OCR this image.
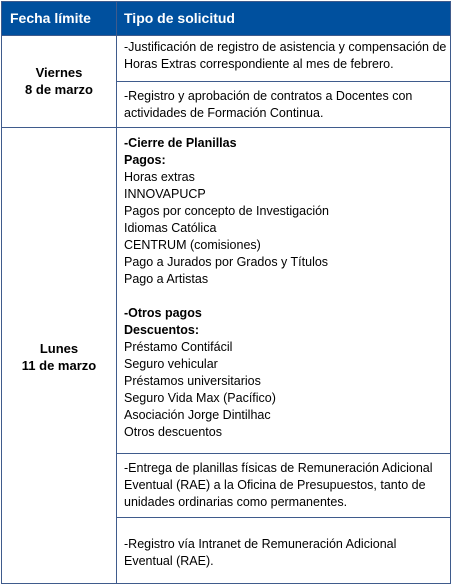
Fecha límite Tipo de solicitud
Viernes
8 de marzo
-Justificación de registro de asistencia y compensación de
Horas Extras correspondiente al mes de febrero.
-Registro y aprobación de contratos a Docentes con
actividades de Formación Continua.
Lunes
11 de marzo
-Cierre de Planillas
Pagos:
Horas extras
INNOVAPUCP
Pagos por concepto de Investigación
Idiomas Católica
CENTRUM (comisiones)
Pago a Jurados por Grados y Títulos
Pago a Artistas
-Otros pagos
Descuentos:
Préstamo Contifácil
Seguro vehicular
Préstamos universitarios
Seguro Vida Max (Pacífico)
Asociación Jorge Dintilhac
Otros descuentos
-Entrega de planillas físicas de Remuneración Adicional
Eventual (RAE) a la Oficina de Presupuestos, tanto de
unidades ordinarias como permanentes.
-Registro vía Intranet de Remuneración Adicional
Eventual (RAE).
